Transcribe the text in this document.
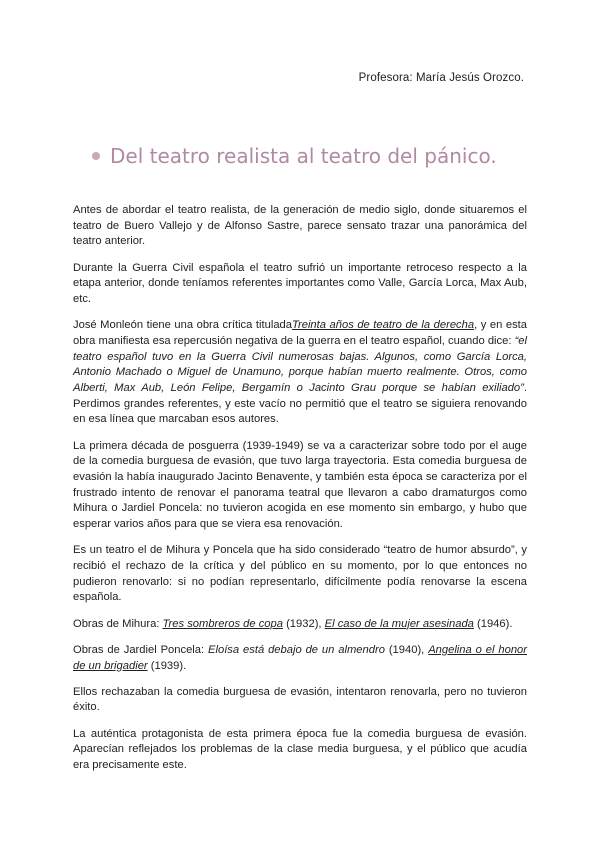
Profesora: María Jesús Orozco.
Del teatro realista al teatro del pánico.

Antes de abordar el teatro realista, de la generación de medio siglo, donde situaremos el teatro de Buero Vallejo y de Alfonso Sastre, parece sensato trazar una panorámica del teatro anterior.

Durante la Guerra Civil española el teatro sufrió un importante retroceso respecto a la etapa anterior, donde teníamos referentes importantes como Valle, García Lorca, Max Aub, etc.

José Monleón tiene una obra crítica tituladaTreinta años de teatro de la derecha, y en esta obra manifiesta esa repercusión negativa de la guerra en el teatro español, cuando dice: “el teatro español tuvo en la Guerra Civil numerosas bajas. Algunos, como García Lorca, Antonio Machado o Miguel de Unamuno, porque habían muerto realmente. Otros, como Alberti, Max Aub, León Felipe, Bergamín o Jacinto Grau porque se habían exiliado”. Perdimos grandes referentes, y este vacío no permitió que el teatro se siguiera renovando en esa línea que marcaban esos autores.

La primera década de posguerra (1939-1949) se va a caracterizar sobre todo por el auge de la comedia burguesa de evasión, que tuvo larga trayectoria. Esta comedia burguesa de evasión la había inaugurado Jacinto Benavente, y también esta época se caracteriza por el frustrado intento de renovar el panorama teatral que llevaron a cabo dramaturgos como Mihura o Jardiel Poncela: no tuvieron acogida en ese momento sin embargo, y hubo que esperar varios años para que se viera esa renovación.

Es un teatro el de Mihura y Poncela que ha sido considerado “teatro de humor absurdo”, y recibió el rechazo de la crítica y del público en su momento, por lo que entonces no pudieron renovarlo: si no podían representarlo, difícilmente podía renovarse la escena española.

Obras de Mihura: Tres sombreros de copa (1932), El caso de la mujer asesinada (1946).

Obras de Jardiel Poncela: Eloísa está debajo de un almendro (1940), Angelina o el honor de un brigadier (1939).

Ellos rechazaban la comedia burguesa de evasión, intentaron renovarla, pero no tuvieron éxito.

La auténtica protagonista de esta primera época fue la comedia burguesa de evasión. Aparecían reflejados los problemas de la clase media burguesa, y el público que acudía era precisamente este.
